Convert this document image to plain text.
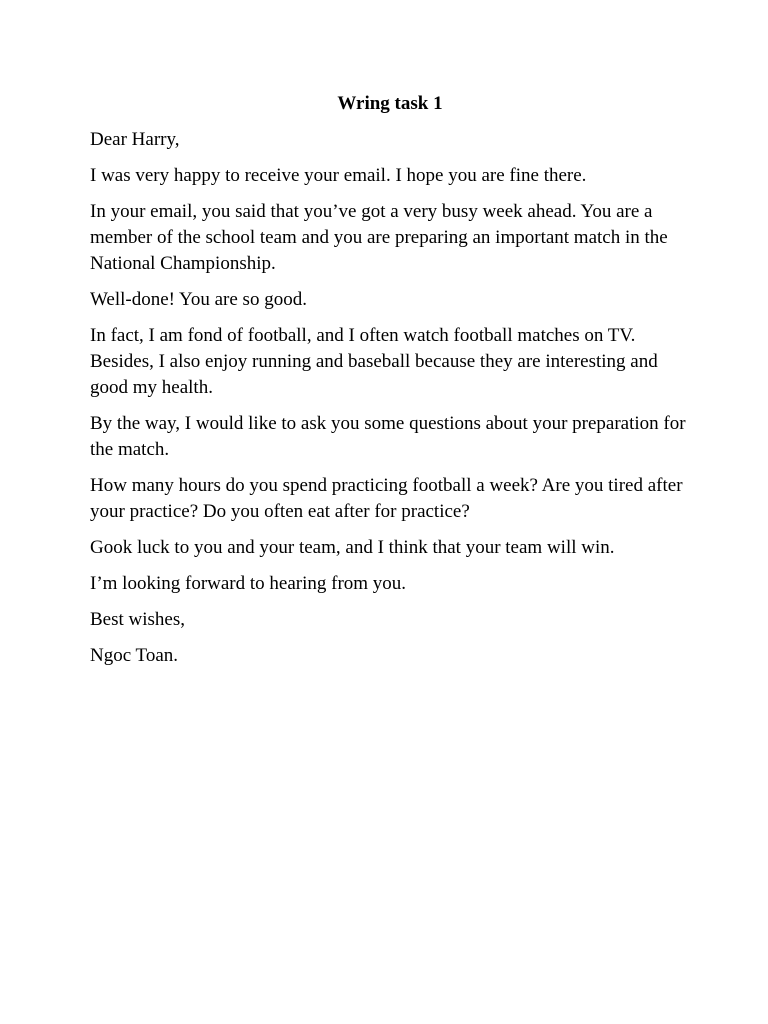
Wring task 1
Dear Harry,
I was very happy to receive your email. I hope you are fine there.
In your email, you said that you’ve got a very busy week ahead. You are a member of the school team and you are preparing an important match in the National Championship.
Well-done! You are so good.
In fact, I am fond of football, and I often watch football matches on TV. Besides, I also enjoy running and baseball because they are interesting and good my health.
By the way, I would like to ask you some questions about your preparation for the match.
How many hours do you spend practicing football a week? Are you tired after your practice? Do you often eat after for practice?
Gook luck to you and your team, and I think that your team will win.
I’m looking forward to hearing from you.
Best wishes,
Ngoc Toan.
